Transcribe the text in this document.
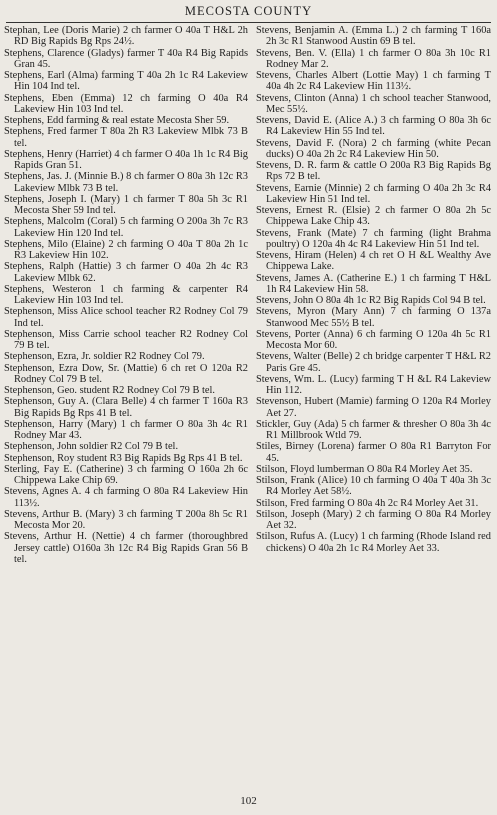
MECOSTA COUNTY

Stephan, Lee (Doris Marie) 2 ch farmer O 40a T H&L 2h RD Big Rapids Bg Rps 24½.

Stephens, Clarence (Gladys) farmer T 40a R4 Big Rapids Gran 45.

Stephens, Earl (Alma) farming T 40a 2h 1c R4 Lakeview Hin 104 Ind tel.

Stephens, Eben (Emma) 12 ch farming O 40a R4 Lakeview Hin 103 Ind tel.

Stephens, Edd farming & real estate Mecosta Sher 59.

Stephens, Fred farmer T 80a 2h R3 Lakeview Mlbk 73 B tel.

Stephens, Henry (Harriet) 4 ch farmer O 40a 1h 1c R4 Big Rapids Gran 51.

Stephens, Jas. J. (Minnie B.) 8 ch farmer O 80a 3h 12c R3 Lakeview Mlbk 73 B tel.

Stephens, Joseph I. (Mary) 1 ch farmer T 80a 5h 3c R1 Mecosta Sher 59 Ind tel.

Stephens, Malcolm (Coral) 5 ch farming O 200a 3h 7c R3 Lakeview Hin 120 Ind tel.

Stephens, Milo (Elaine) 2 ch farming O 40a T 80a 2h 1c R3 Lakeview Hin 102.

Stephens, Ralph (Hattie) 3 ch farmer O 40a 2h 4c R3 Lakeview Mlbk 62.

Stephens, Westeron 1 ch farming & carpenter R4 Lakeview Hin 103 Ind tel.

Stephenson, Miss Alice school teacher R2 Rodney Col 79 Ind tel.

Stephenson, Miss Carrie school teacher R2 Rodney Col 79 B tel.

Stephenson, Ezra, Jr. soldier R2 Rodney Col 79.

Stephenson, Ezra Dow, Sr. (Mattie) 6 ch ret O 120a R2 Rodney Col 79 B tel.

Stephenson, Geo. student R2 Rodney Col 79 B tel.

Stephenson, Guy A. (Clara Belle) 4 ch farmer T 160a R3 Big Rapids Bg Rps 41 B tel.

Stephenson, Harry (Mary) 1 ch farmer O 80a 3h 4c R1 Rodney Mar 43.

Stephenson, John soldier R2 Col 79 B tel.

Stephenson, Roy student R3 Big Rapids Bg Rps 41 B tel.

Sterling, Fay E. (Catherine) 3 ch farming O 160a 2h 6c Chippewa Lake Chip 69.

Stevens, Agnes A. 4 ch farming O 80a R4 Lakeview Hin 113½.

Stevens, Arthur B. (Mary) 3 ch farming T 200a 8h 5c R1 Mecosta Mor 20.

Stevens, Arthur H. (Nettie) 4 ch farmer (thoroughbred Jersey cattle) O160a 3h 12c R4 Big Rapids Gran 56 B tel.

Stevens, Benjamin A. (Emma L.) 2 ch farming T 160a 2h 3c R1 Stanwood Austin 69 B tel.

Stevens, Ben. V. (Ella) 1 ch farmer O 80a 3h 10c R1 Rodney Mar 2.

Stevens, Charles Albert (Lottie May) 1 ch farming T 40a 4h 2c R4 Lakeview Hin 113½.

Stevens, Clinton (Anna) 1 ch school teacher Stanwood, Mec 55½.

Stevens, David E. (Alice A.) 3 ch farming O 80a 3h 6c R4 Lakeview Hin 55 Ind tel.

Stevens, David F. (Nora) 2 ch farming (white Pecan ducks) O 40a 2h 2c R4 Lakeview Hin 50.

Stevens, D. R. farm & cattle O 200a R3 Big Rapids Bg Rps 72 B tel.

Stevens, Earnie (Minnie) 2 ch farming O 40a 2h 3c R4 Lakeview Hin 51 Ind tel.

Stevens, Ernest R. (Elsie) 2 ch farmer O 80a 2h 5c Chippewa Lake Chip 43.

Stevens, Frank (Mate) 7 ch farming (light Brahma poultry) O 120a 4h 4c R4 Lakeview Hin 51 Ind tel.

Stevens, Hiram (Helen) 4 ch ret O H &L Wealthy Ave Chippewa Lake.

Stevens, James A. (Catherine E.) 1 ch farming T H&L 1h R4 Lakeview Hin 58.

Stevens, John O 80a 4h 1c R2 Big Rapids Col 94 B tel.

Stevens, Myron (Mary Ann) 7 ch farming O 137a Stanwood Mec 55½ B tel.

Stevens, Porter (Anna) 6 ch farming O 120a 4h 5c R1 Mecosta Mor 60.

Stevens, Walter (Belle) 2 ch bridge carpenter T H&L R2 Paris Gre 45.

Stevens, Wm. L. (Lucy) farming T H &L R4 Lakeview Hin 112.

Stevenson, Hubert (Mamie) farming O 120a R4 Morley Aet 27.

Stickler, Guy (Ada) 5 ch farmer & thresher O 80a 3h 4c R1 Millbrook Wtld 79.

Stiles, Birney (Lorena) farmer O 80a R1 Barryton For 45.

Stilson, Floyd lumberman O 80a R4 Morley Aet 35.

Stilson, Frank (Alice) 10 ch farming O 40a T 40a 3h 3c R4 Morley Aet 58½.

Stilson, Fred farming O 80a 4h 2c R4 Morley Aet 31.

Stilson, Joseph (Mary) 2 ch farming O 80a R4 Morley Aet 32.

Stilson, Rufus A. (Lucy) 1 ch farming (Rhode Island red chickens) O 40a 2h 1c R4 Morley Aet 33.

102
